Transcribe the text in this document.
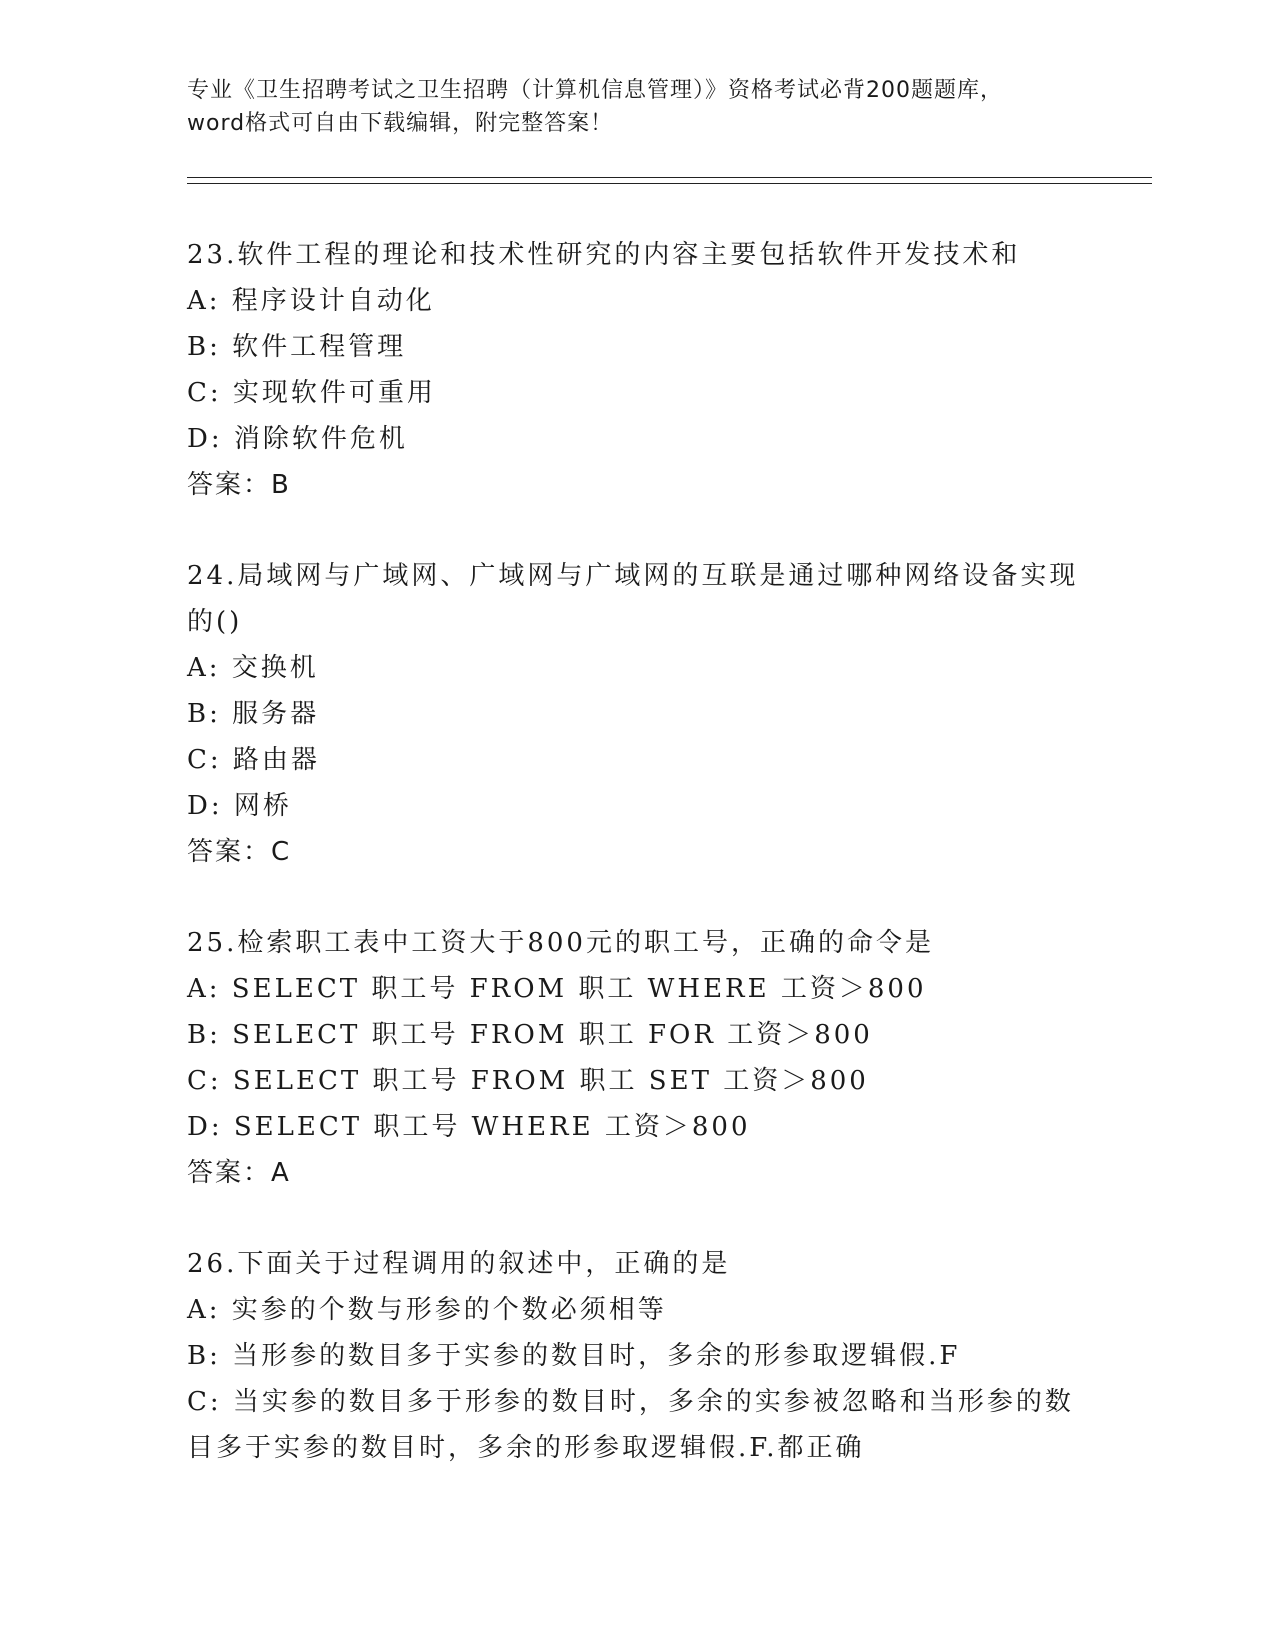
专业《卫生招聘考试之卫生招聘（计算机信息管理）》资格考试必背200题题库，
word格式可自由下载编辑，附完整答案！
23.软件工程的理论和技术性研究的内容主要包括软件开发技术和
A: 程序设计自动化
B: 软件工程管理
C: 实现软件可重用
D: 消除软件危机
答案：B
24.局域网与广域网、广域网与广域网的互联是通过哪种网络设备实现
的()
A: 交换机
B: 服务器
C: 路由器
D: 网桥
答案：C
25.检索职工表中工资大于800元的职工号，正确的命令是
A: SELECT 职工号 FROM 职工 WHERE 工资＞800
B: SELECT 职工号 FROM 职工 FOR 工资＞800
C: SELECT 职工号 FROM 职工 SET 工资＞800
D: SELECT 职工号 WHERE 工资＞800
答案：A
26.下面关于过程调用的叙述中，正确的是
A: 实参的个数与形参的个数必须相等
B: 当形参的数目多于实参的数目时，多余的形参取逻辑假.F
C: 当实参的数目多于形参的数目时，多余的实参被忽略和当形参的数
目多于实参的数目时，多余的形参取逻辑假.F.都正确
